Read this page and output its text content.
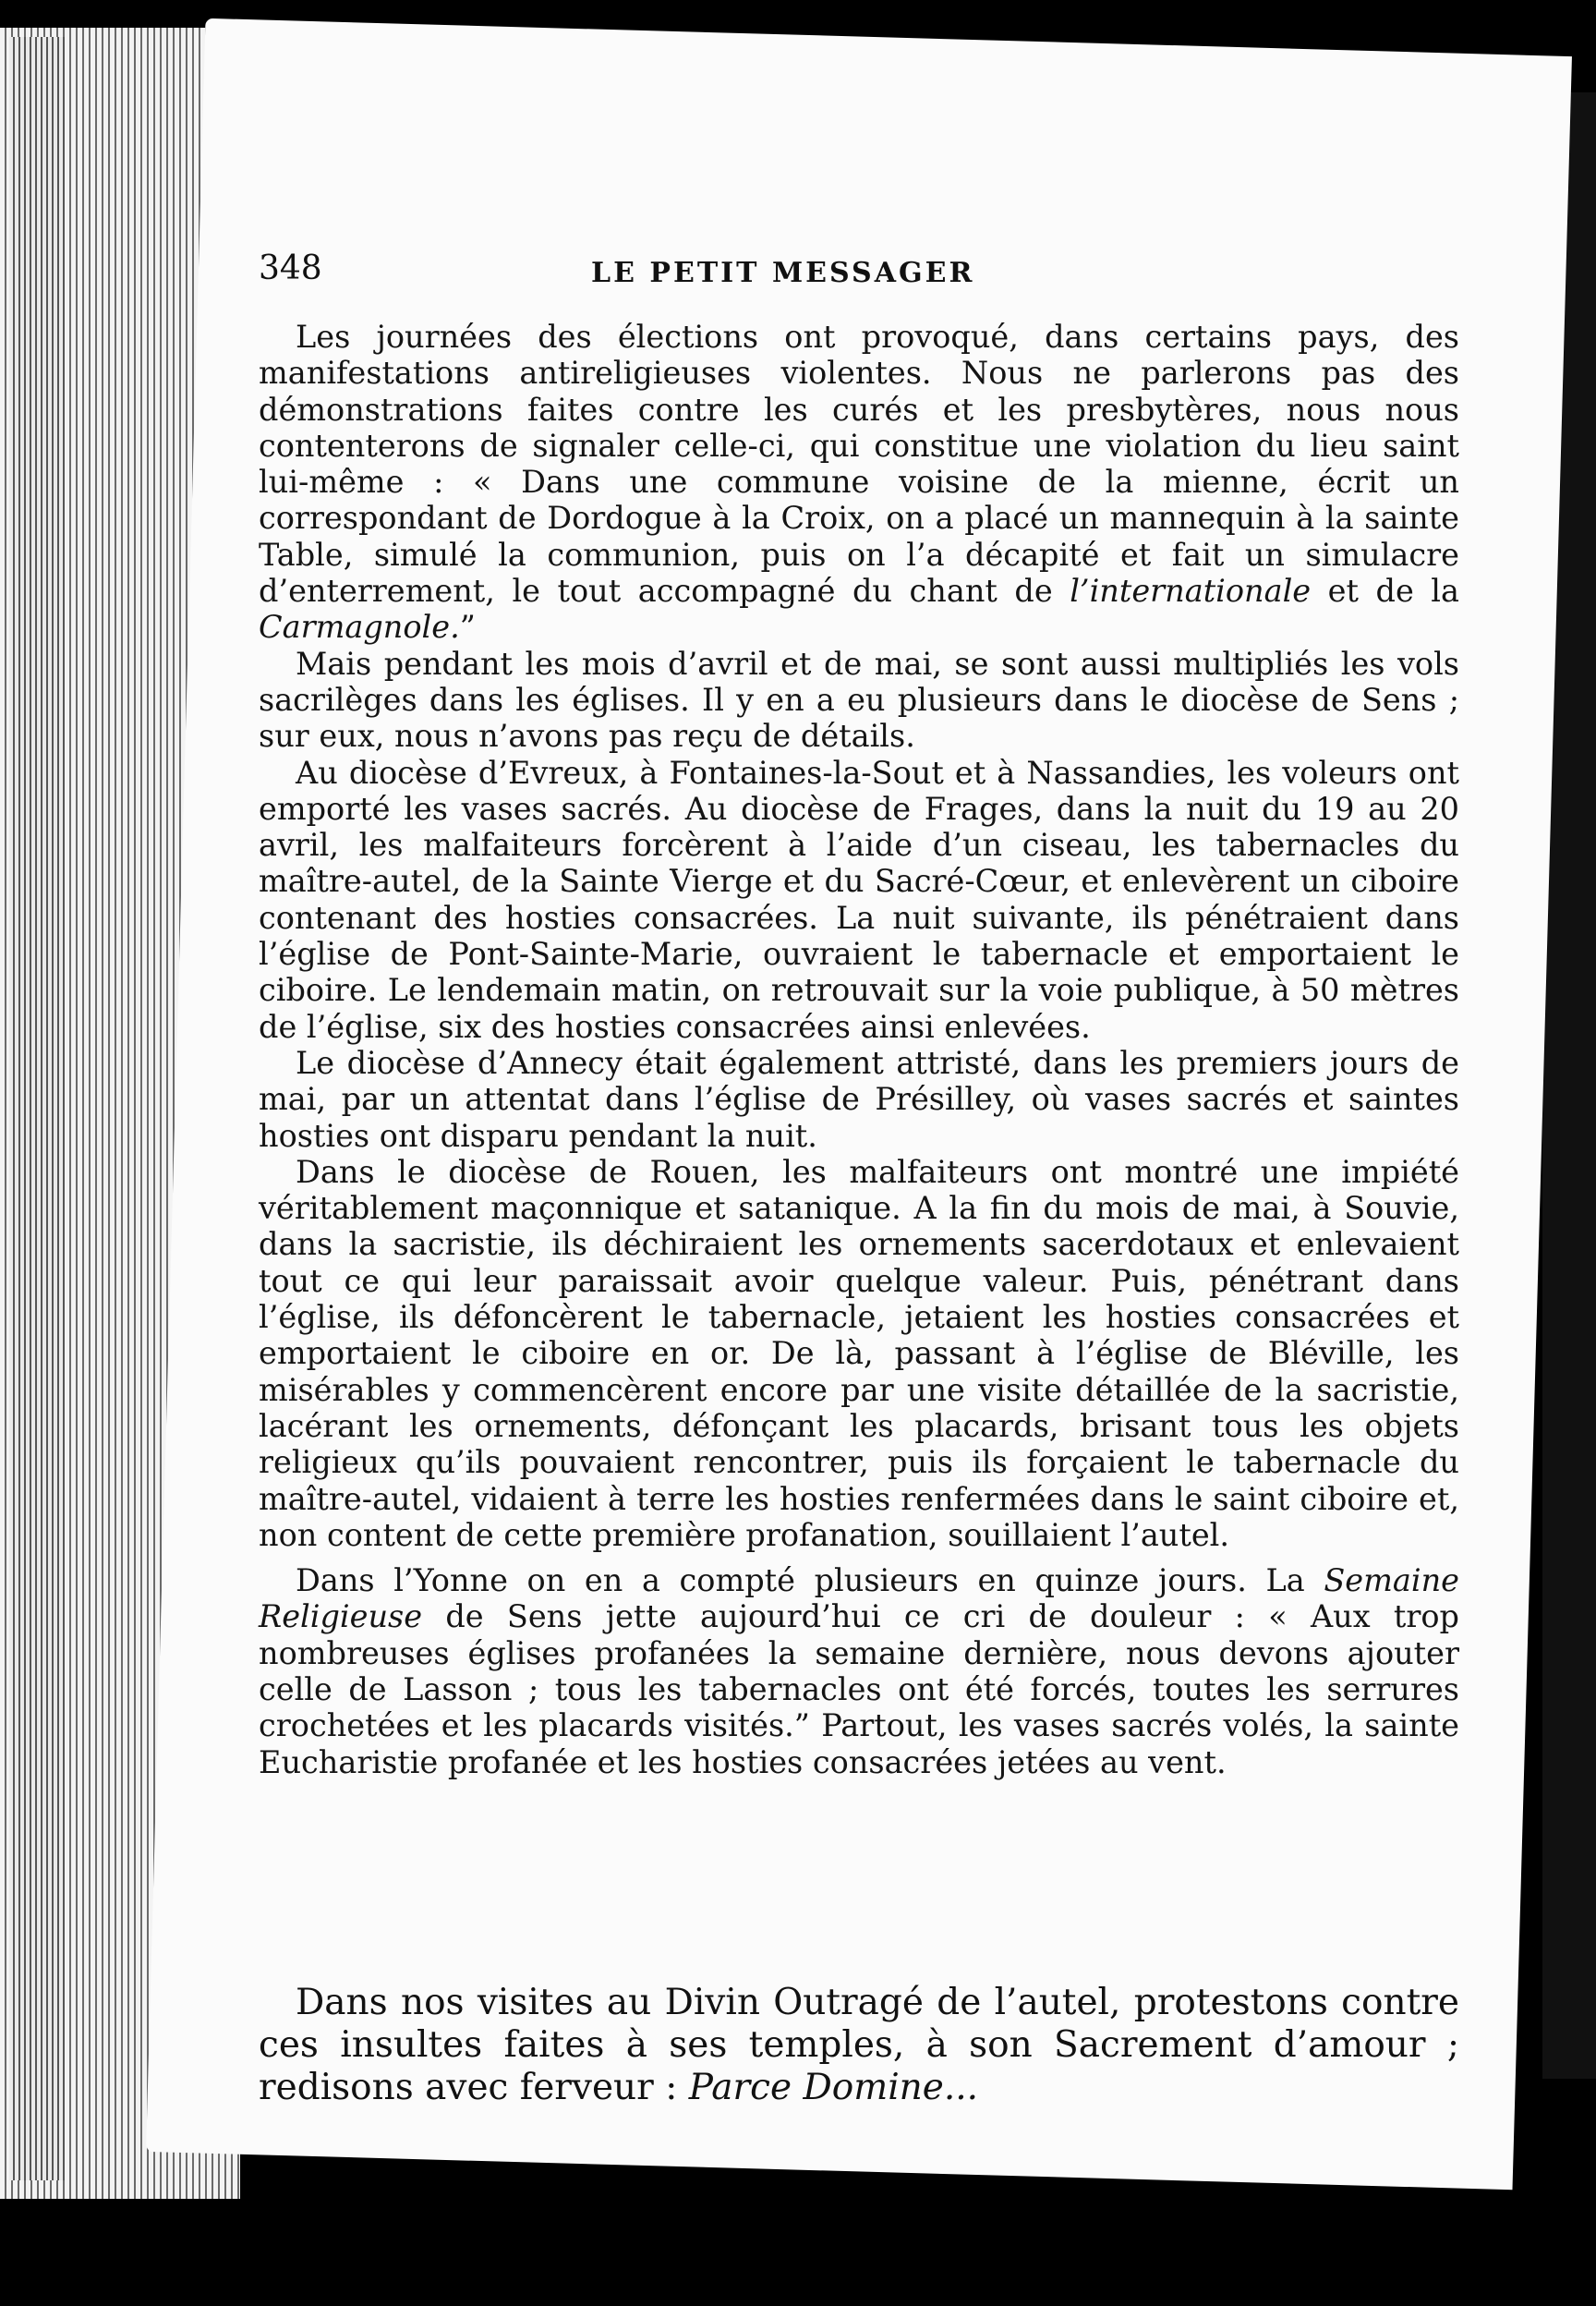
348	LE PETIT MESSAGER

Les journées des élections ont provoqué, dans certains pays, des manifestations antireligieuses violentes. Nous ne parlerons pas des démonstrations faites contre les curés et les presbytères, nous nous contenterons de signaler celle-ci, qui constitue une violation du lieu saint lui-même : « Dans une commune voisine de la mienne, écrit un correspondant de Dordogue à la Croix, on a placé un mannequin à la sainte Table, simulé la communion, puis on l’a décapité et fait un simulacre d’enterrement, le tout accompagné du chant de l’internationale et de la Carmagnole.”

Mais pendant les mois d’avril et de mai, se sont aussi multipliés les vols sacrilèges dans les églises. Il y en a eu plusieurs dans le diocèse de Sens ; sur eux, nous n’avons pas reçu de détails.

Au diocèse d’Evreux, à Fontaines-la-Sout et à Nassandies, les voleurs ont emporté les vases sacrés. Au diocèse de Frages, dans la nuit du 19 au 20 avril, les malfaiteurs forcèrent à l’aide d’un ciseau, les tabernacles du maître-autel, de la Sainte Vierge et du Sacré-Cœur, et enlevèrent un ciboire contenant des hosties consacrées. La nuit suivante, ils pénétraient dans l’église de Pont-Sainte-Marie, ouvraient le tabernacle et emportaient le ciboire. Le lendemain matin, on retrouvait sur la voie publique, à 50 mètres de l’église, six des hosties consacrées ainsi enlevées.

Le diocèse d’Annecy était également attristé, dans les premiers jours de mai, par un attentat dans l’église de Présilley, où vases sacrés et saintes hosties ont disparu pendant la nuit.

Dans le diocèse de Rouen, les malfaiteurs ont montré une impiété véritablement maçonnique et satanique. A la fin du mois de mai, à Souvie, dans la sacristie, ils déchiraient les ornements sacerdotaux et enlevaient tout ce qui leur paraissait avoir quelque valeur. Puis, pénétrant dans l’église, ils défoncèrent le tabernacle, jetaient les hosties consacrées et emportaient le ciboire en or. De là, passant à l’église de Bléville, les misérables y commencèrent encore par une visite détaillée de la sacristie, lacérant les ornements, défonçant les placards, brisant tous les objets religieux qu’ils pouvaient rencontrer, puis ils forçaient le tabernacle du maître-autel, vidaient à terre les hosties renfermées dans le saint ciboire et, non content de cette première profanation, souillaient l’autel.

Dans l’Yonne on en a compté plusieurs en quinze jours. La Semaine Religieuse de Sens jette aujourd’hui ce cri de douleur : « Aux trop nombreuses églises profanées la semaine dernière, nous devons ajouter celle de Lasson ; tous les tabernacles ont été forcés, toutes les serrures crochetées et les placards visités.” Partout, les vases sacrés volés, la sainte Eucharistie profanée et les hosties consacrées jetées au vent.

Dans nos visites au Divin Outragé de l’autel, protestons contre ces insultes faites à ses temples, à son Sacrement d’amour ; redisons avec ferveur : Parce Domine...
